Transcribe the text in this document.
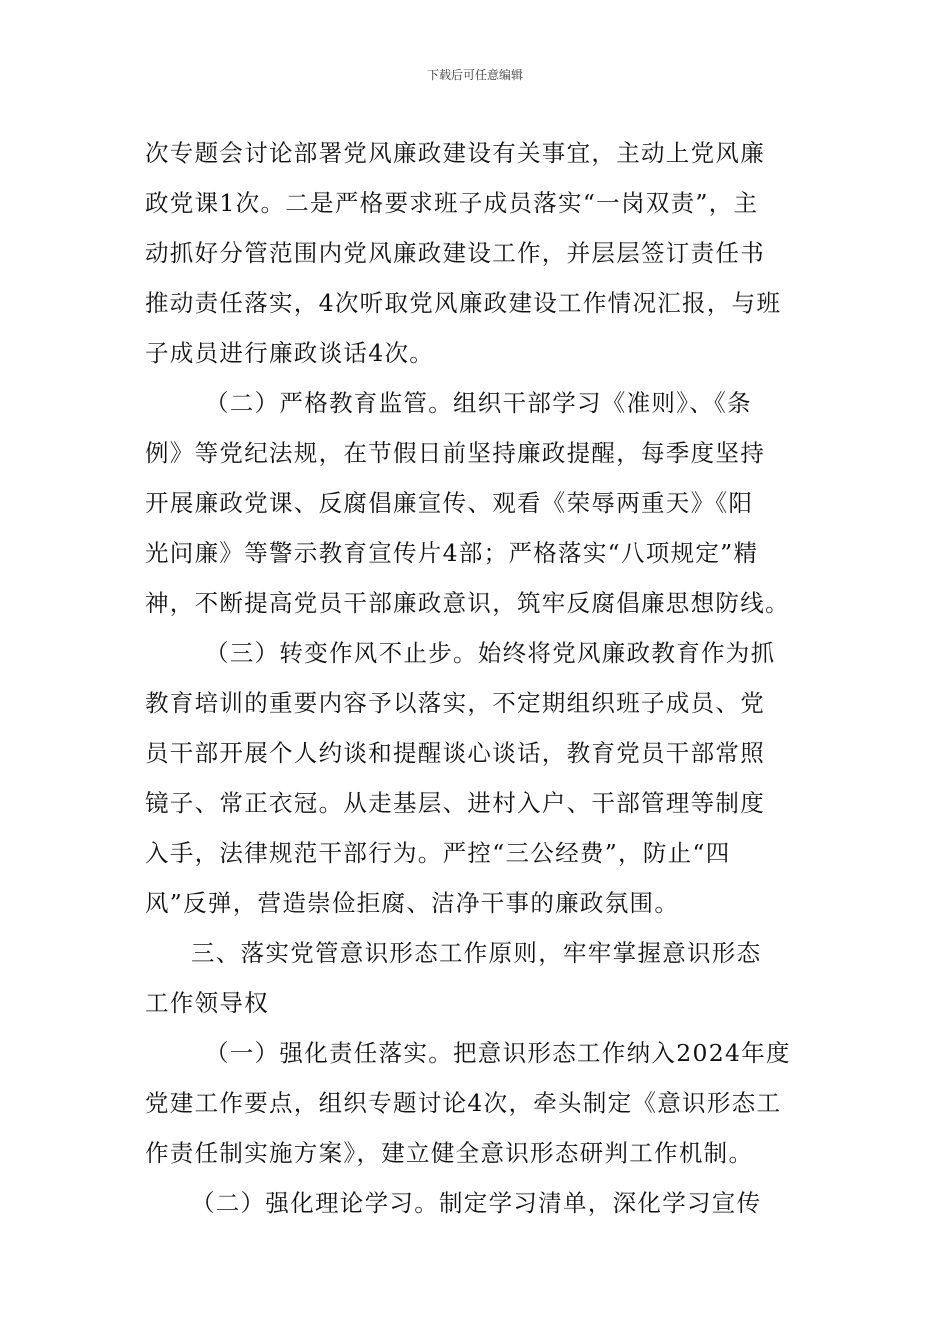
下载后可任意编辑
次专题会讨论部署党风廉政建设有关事宜，主动上党风廉
政党课1次。二是严格要求班子成员落实“一岗双责”，主
动抓好分管范围内党风廉政建设工作，并层层签订责任书
推动责任落实，4次听取党风廉政建设工作情况汇报，与班
子成员进行廉政谈话4次。
（二）严格教育监管。组织干部学习《准则》、《条
例》等党纪法规，在节假日前坚持廉政提醒，每季度坚持
开展廉政党课、反腐倡廉宣传、观看《荣辱两重天》《阳
光问廉》等警示教育宣传片4部；严格落实“八项规定”精
神，不断提高党员干部廉政意识，筑牢反腐倡廉思想防线。
（三）转变作风不止步。始终将党风廉政教育作为抓
教育培训的重要内容予以落实，不定期组织班子成员、党
员干部开展个人约谈和提醒谈心谈话，教育党员干部常照
镜子、常正衣冠。从走基层、进村入户、干部管理等制度
入手，法律规范干部行为。严控“三公经费”，防止“四
风”反弹，营造崇俭拒腐、洁净干事的廉政氛围。
三、落实党管意识形态工作原则，牢牢掌握意识形态
工作领导权
（一）强化责任落实。把意识形态工作纳入2024年度
党建工作要点，组织专题讨论4次，牵头制定《意识形态工
作责任制实施方案》，建立健全意识形态研判工作机制。
（二）强化理论学习。制定学习清单，深化学习宣传
